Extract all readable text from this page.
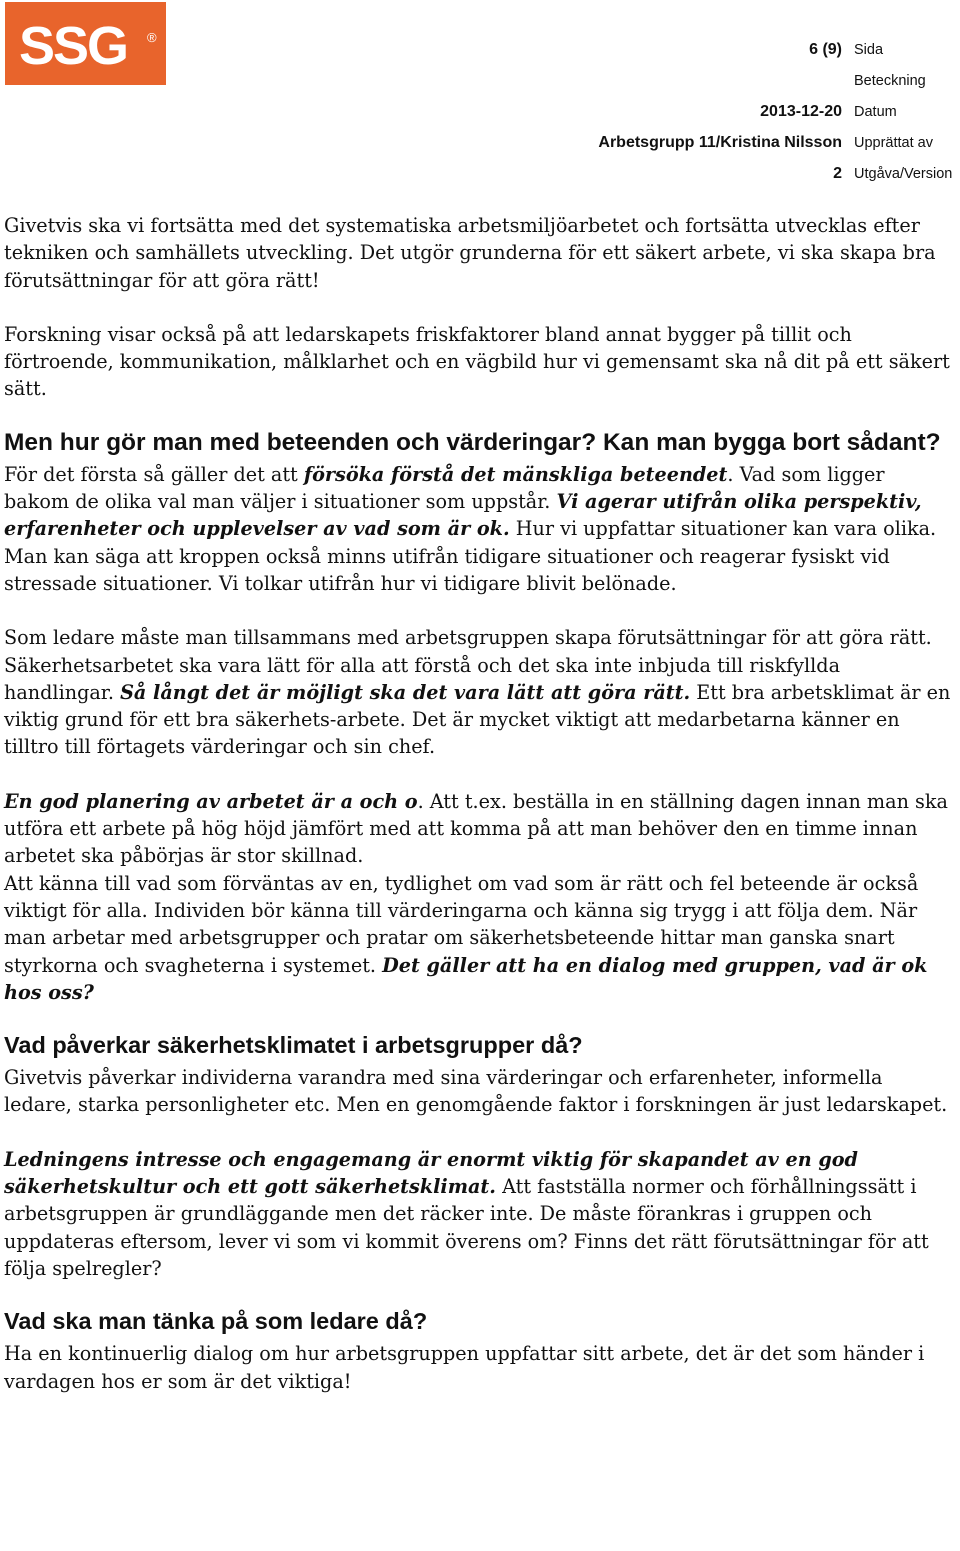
SSG ®
6 (9) Sida
Beteckning
2013-12-20 Datum
Arbetsgrupp 11/Kristina Nilsson Upprättat av
2 Utgåva/Version

Givetvis ska vi fortsätta med det systematiska arbetsmiljöarbetet och fortsätta utvecklas efter tekniken och samhällets utveckling. Det utgör grunderna för ett säkert arbete, vi ska skapa bra förutsättningar för att göra rätt!

Forskning visar också på att ledarskapets friskfaktorer bland annat bygger på tillit och förtroende, kommunikation, målklarhet och en vägbild hur vi gemensamt ska nå dit på ett säkert sätt.

Men hur gör man med beteenden och värderingar? Kan man bygga bort sådant?

För det första så gäller det att försöka förstå det mänskliga beteendet. Vad som ligger bakom de olika val man väljer i situationer som uppstår. Vi agerar utifrån olika perspektiv, erfarenheter och upplevelser av vad som är ok. Hur vi uppfattar situationer kan vara olika. Man kan säga att kroppen också minns utifrån tidigare situationer och reagerar fysiskt vid stressade situationer. Vi tolkar utifrån hur vi tidigare blivit belönade.

Som ledare måste man tillsammans med arbetsgruppen skapa förutsättningar för att göra rätt. Säkerhetsarbetet ska vara lätt för alla att förstå och det ska inte inbjuda till riskfyllda handlingar. Så långt det är möjligt ska det vara lätt att göra rätt. Ett bra arbetsklimat är en viktig grund för ett bra säkerhets-arbete. Det är mycket viktigt att medarbetarna känner en tilltro till förtagets värderingar och sin chef.

En god planering av arbetet är a och o. Att t.ex. beställa in en ställning dagen innan man ska utföra ett arbete på hög höjd jämfört med att komma på att man behöver den en timme innan arbetet ska påbörjas är stor skillnad.

Att känna till vad som förväntas av en, tydlighet om vad som är rätt och fel beteende är också viktigt för alla. Individen bör känna till värderingarna och känna sig trygg i att följa dem. När man arbetar med arbetsgrupper och pratar om säkerhetsbeteende hittar man ganska snart styrkorna och svagheterna i systemet. Det gäller att ha en dialog med gruppen, vad är ok hos oss?

Vad påverkar säkerhetsklimatet i arbetsgrupper då?

Givetvis påverkar individerna varandra med sina värderingar och erfarenheter, informella ledare, starka personligheter etc. Men en genomgående faktor i forskningen är just ledarskapet.

Ledningens intresse och engagemang är enormt viktig för skapandet av en god säkerhetskultur och ett gott säkerhetsklimat. Att fastställa normer och förhållningssätt i arbetsgruppen är grundläggande men det räcker inte. De måste förankras i gruppen och uppdateras eftersom, lever vi som vi kommit överens om? Finns det rätt förutsättningar för att följa spelregler?

Vad ska man tänka på som ledare då?

Ha en kontinuerlig dialog om hur arbetsgruppen uppfattar sitt arbete, det är det som händer i vardagen hos er som är det viktiga!
